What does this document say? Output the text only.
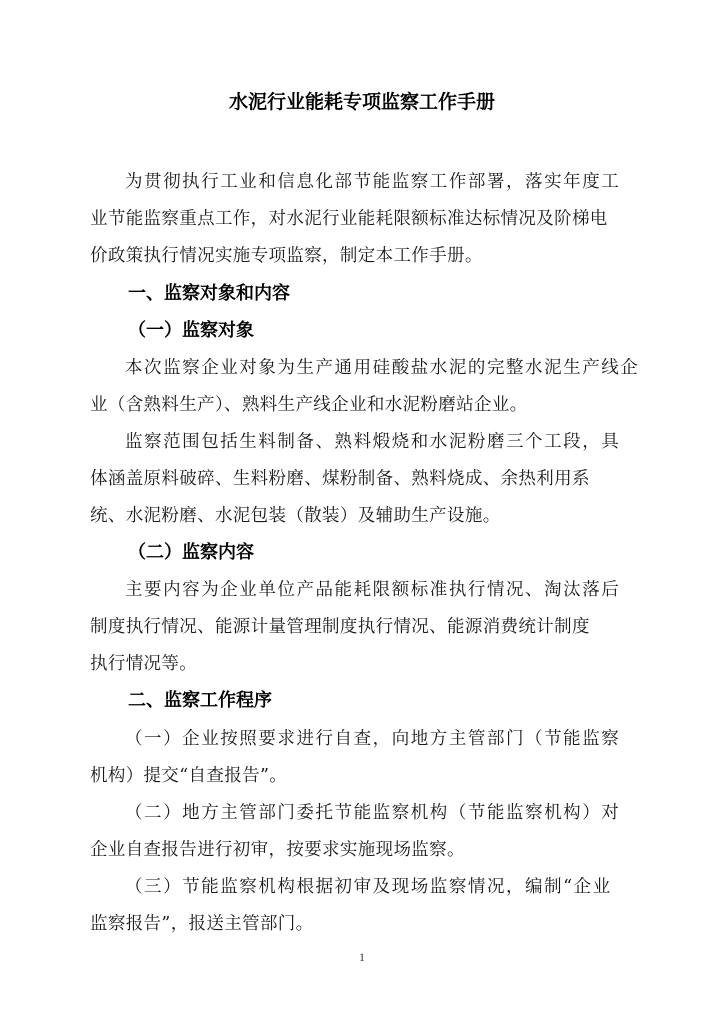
水泥行业能耗专项监察工作手册
为贯彻执行工业和信息化部节能监察工作部署，落实年度工
业节能监察重点工作，对水泥行业能耗限额标准达标情况及阶梯电
价政策执行情况实施专项监察，制定本工作手册。
一、监察对象和内容
（一）监察对象
本次监察企业对象为生产通用硅酸盐水泥的完整水泥生产线企
业（含熟料生产）、熟料生产线企业和水泥粉磨站企业。
监察范围包括生料制备、熟料煅烧和水泥粉磨三个工段，具
体涵盖原料破碎、生料粉磨、煤粉制备、熟料烧成、余热利用系
统、水泥粉磨、水泥包装（散装）及辅助生产设施。
（二）监察内容
主要内容为企业单位产品能耗限额标准执行情况、淘汰落后
制度执行情况、能源计量管理制度执行情况、能源消费统计制度
执行情况等。
二、监察工作程序
（一）企业按照要求进行自查，向地方主管部门（节能监察
机构）提交“自查报告”。
（二）地方主管部门委托节能监察机构（节能监察机构）对
企业自查报告进行初审，按要求实施现场监察。
（三）节能监察机构根据初审及现场监察情况，编制“企业
监察报告”，报送主管部门。
1
